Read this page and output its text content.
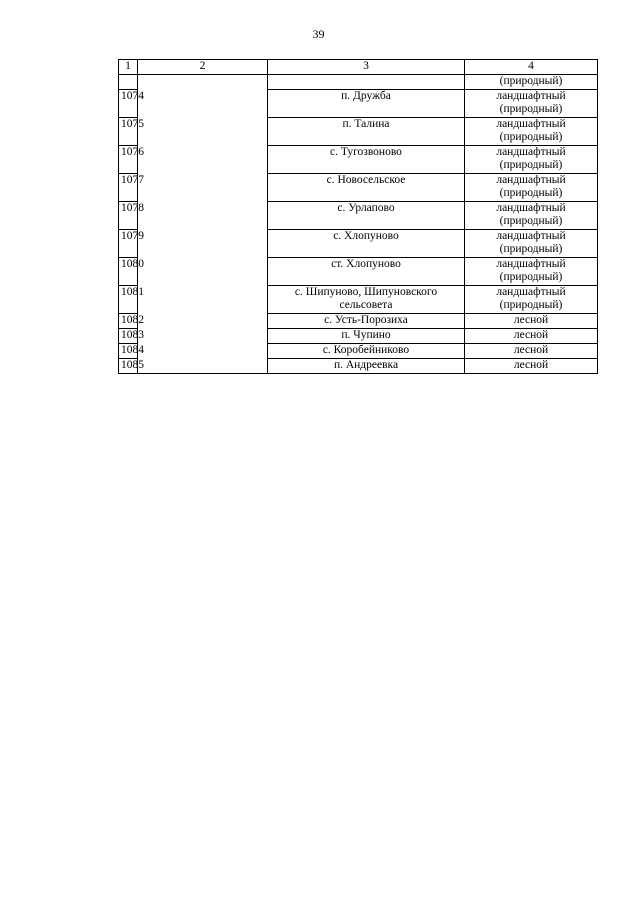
39
1	2	3	4
			(природный)
1074		п. Дружба	ландшафтный (природный)
1075		п. Талина	ландшафтный (природный)
1076		с. Тугозвоново	ландшафтный (природный)
1077		с. Новосельское	ландшафтный (природный)
1078		с. Урлапово	ландшафтный (природный)
1079		с. Хлопуново	ландшафтный (природный)
1080		ст. Хлопуново	ландшафтный (природный)
1081		с. Шипуново, Шипуновского сельсовета	ландшафтный (природный)
1082		с. Усть-Порозиха	лесной
1083		п. Чупино	лесной
1084		с. Коробейниково	лесной
1085		п. Андреевка	лесной
